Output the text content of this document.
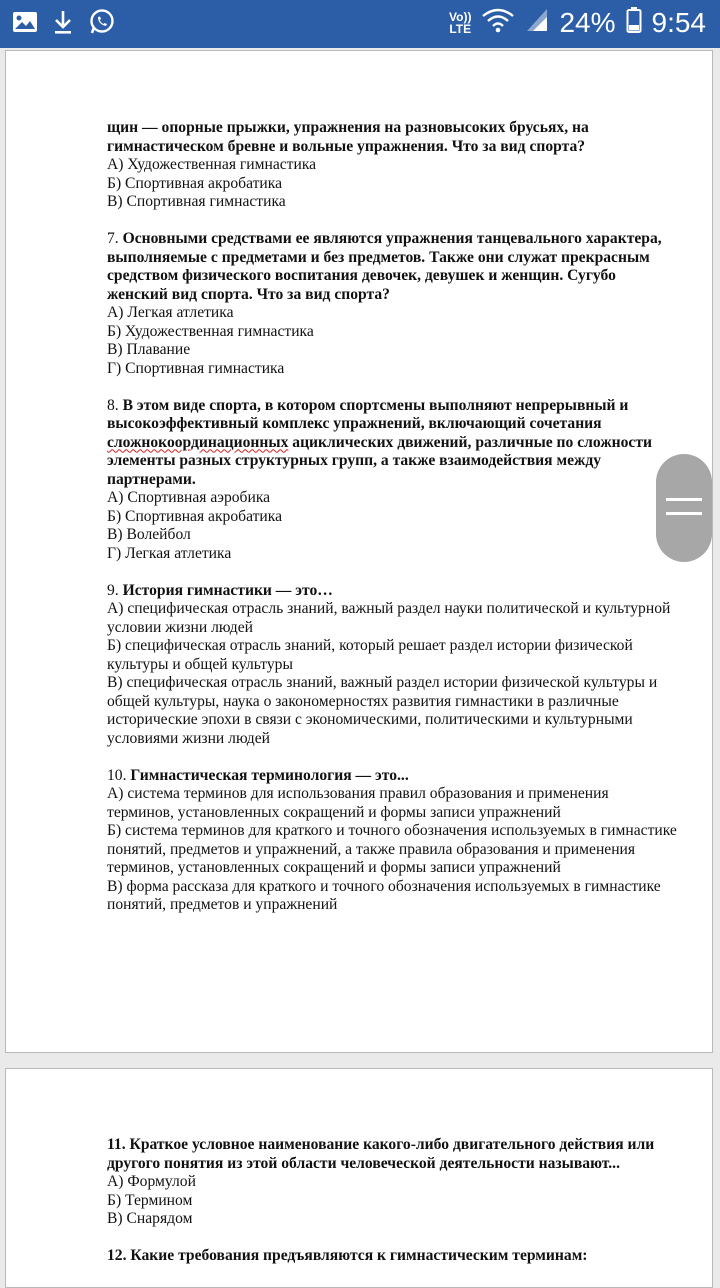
Vo))
LTE	24% 9:54

щин — опорные прыжки, упражнения на разновысоких брусьях, на гимнастическом бревне и вольные упражнения. Что за вид спорта?

А) Художественная гимнастика

Б) Спортивная акробатика

В) Спортивная гимнастика

7. Основными средствами ее являются упражнения танцевального характера, выполняемые с предметами и без предметов. Также они служат прекрасным средством физического воспитания девочек, девушек и женщин. Сугубо женский вид спорта. Что за вид спорта?

А) Легкая атлетика

Б) Художественная гимнастика

В) Плавание

Г) Спортивная гимнастика

8. В этом виде спорта, в котором спортсмены выполняют непрерывный и высокоэффективный комплекс упражнений, включающий сочетания сложнокоординационных ациклических движений, различные по сложности элементы разных структурных групп, а также взаимодействия между партнерами.

А) Спортивная аэробика

Б) Спортивная акробатика

В) Волейбол

Г) Легкая атлетика

9. История гимнастики — это…

А) специфическая отрасль знаний, важный раздел науки политической и культурной условии жизни людей

Б) специфическая отрасль знаний, который решает раздел истории физической культуры и общей культуры

В) специфическая отрасль знаний, важный раздел истории физической культуры и общей культуры, наука о закономерностях развития гимнастики в различные исторические эпохи в связи с экономическими, политическими и культурными условиями жизни людей

10. Гимнастическая терминология — это...

А) система терминов для использования правил образования и применения терминов, установленных сокращений и формы записи упражнений

Б) система терминов для краткого и точного обозначения используемых в гимнастике понятий, предметов и упражнений, а также правила образования и применения терминов, установленных сокращений и формы записи упражнений

В) форма рассказа для краткого и точного обозначения используемых в гимнастике понятий, предметов и упражнений

11. Краткое условное наименование какого-либо двигательного действия или другого понятия из этой области человеческой деятельности называют...

А) Формулой

Б) Термином

В) Снарядом

12. Какие требования предъявляются к гимнастическим терминам:
